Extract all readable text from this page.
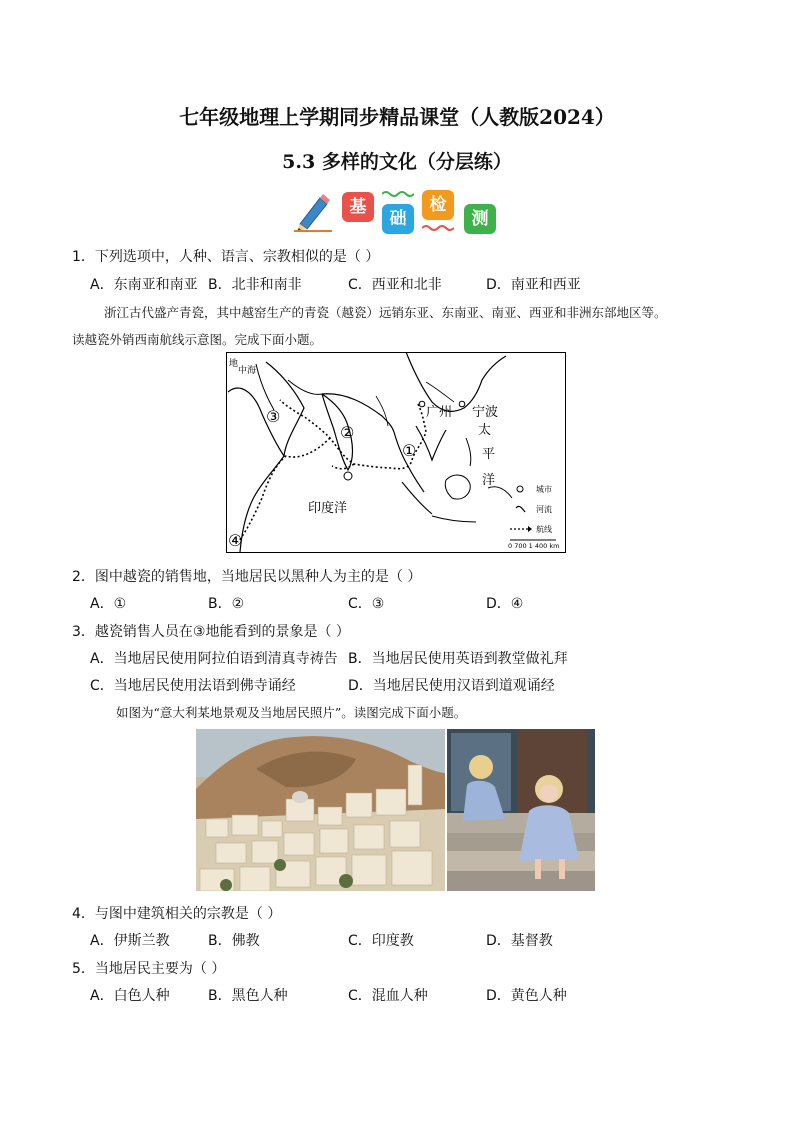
七年级地理上学期同步精品课堂（人教版2024）
5.3 多样的文化（分层练）
基
础
检
测
1．下列选项中，人种、语言、宗教相似的是（ ）
A．东南亚和南亚 B．北非和南非	C．西亚和北非	D．南亚和西亚
浙江古代盛产青瓷，其中越窑生产的青瓷（越瓷）远销东亚、东南亚、南亚、西亚和非洲东部地区等。
读越瓷外销西南航线示意图。完成下面小题。
地
中 海
广州 宁波
太
平
洋
印度洋
①
②
③
④
城市
河流
航线
0 700 1 400 km
2．图中越瓷的销售地，当地居民以黑种人为主的是（ ）
A．①	B．②	C．③	D．④
3．越瓷销售人员在③地能看到的景象是（ ）
A．当地居民使用阿拉伯语到清真寺祷告 B．当地居民使用英语到教堂做礼拜
C．当地居民使用法语到佛寺诵经	D．当地居民使用汉语到道观诵经
如图为“意大利某地景观及当地居民照片”。读图完成下面小题。
4．与图中建筑相关的宗教是（ ）
A．伊斯兰教	B．佛教	C．印度教	D．基督教
5．当地居民主要为（ ）
A．白色人种	B．黑色人种	C．混血人种	D．黄色人种
